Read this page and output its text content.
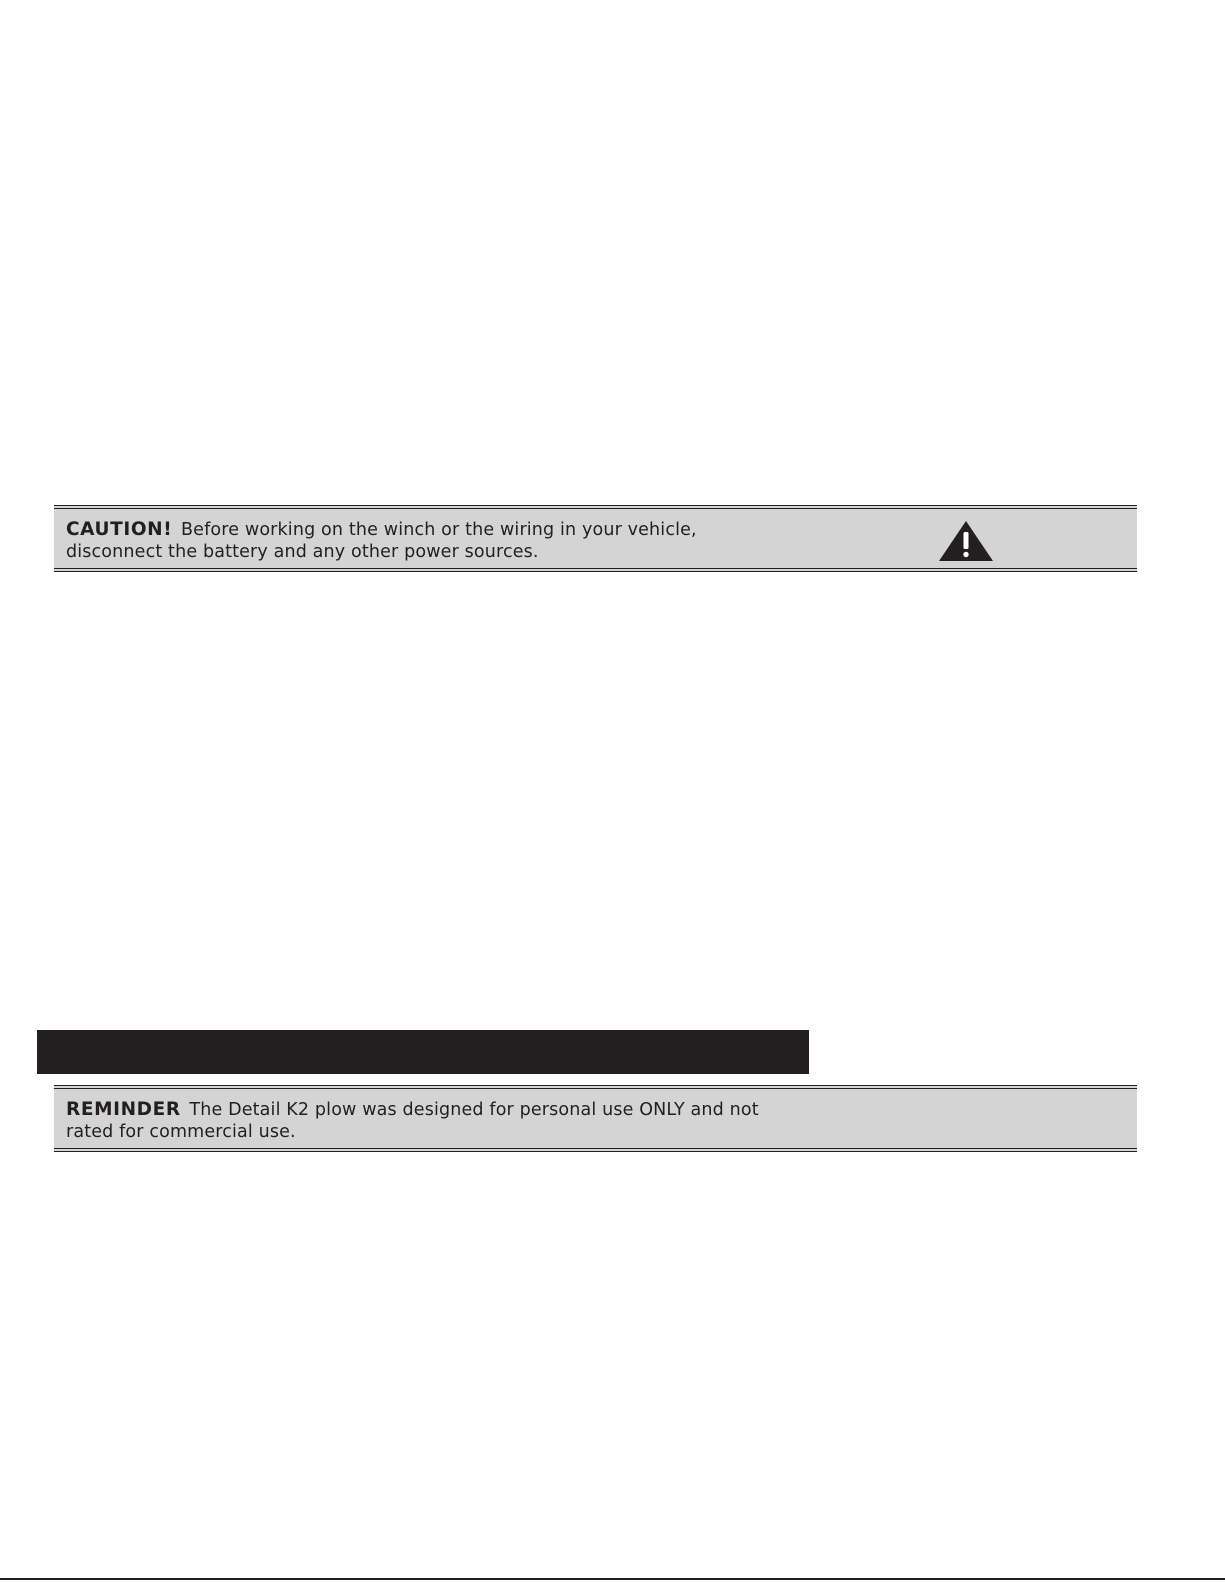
CAUTION! Before working on the winch or the wiring in your vehicle, disconnect the battery and any other power sources.
REMINDER The Detail K2 plow was designed for personal use ONLY and not rated for commercial use.
